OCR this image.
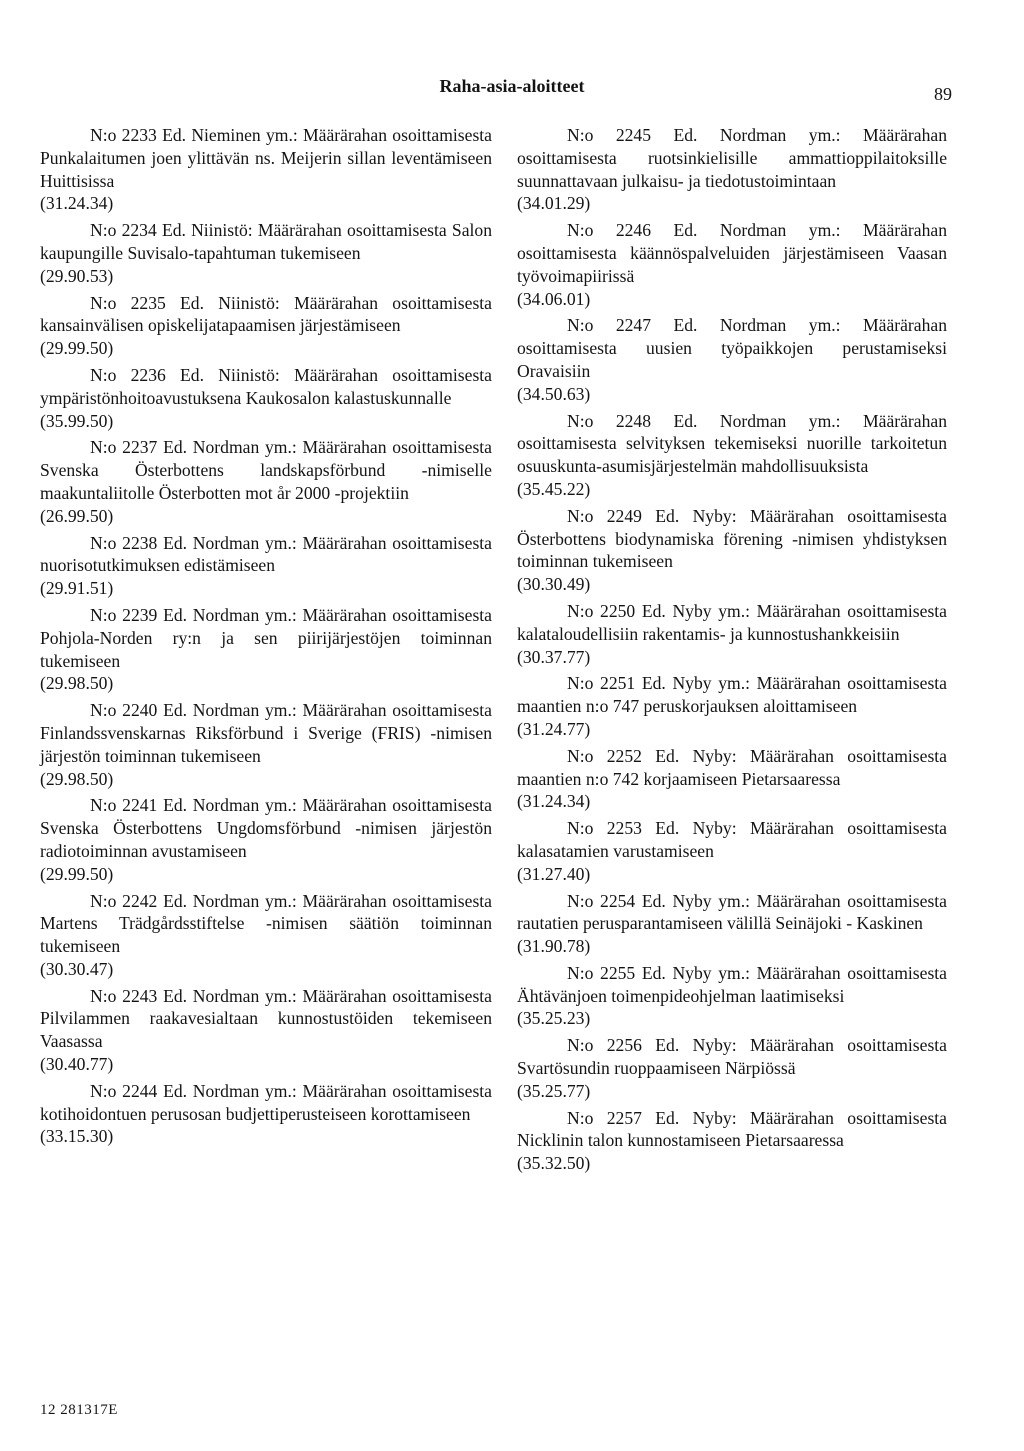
Raha-asia-aloitteet	89
N:o 2233 Ed. Nieminen ym.: Määrärahan osoittamisesta Punkalaitumen joen ylittävän ns. Meijerin sillan leventämiseen Huittisissa
(31.24.34)
N:o 2234 Ed. Niinistö: Määrärahan osoittamisesta Salon kaupungille Suvisalo-tapahtuman tukemiseen
(29.90.53)
N:o 2235 Ed. Niinistö: Määrärahan osoittamisesta kansainvälisen opiskelijatapaamisen järjestämiseen
(29.99.50)
N:o 2236 Ed. Niinistö: Määrärahan osoittamisesta ympäristönhoitoavustuksena Kaukosalon kalastuskunnalle
(35.99.50)
N:o 2237 Ed. Nordman ym.: Määrärahan osoittamisesta Svenska Österbottens landskapsförbund -nimiselle maakuntaliitolle Österbotten mot år 2000 -projektiin
(26.99.50)
N:o 2238 Ed. Nordman ym.: Määrärahan osoittamisesta nuorisotutkimuksen edistämiseen
(29.91.51)
N:o 2239 Ed. Nordman ym.: Määrärahan osoittamisesta Pohjola-Norden ry:n ja sen piirijärjestöjen toiminnan tukemiseen
(29.98.50)
N:o 2240 Ed. Nordman ym.: Määrärahan osoittamisesta Finlandssvenskarnas Riksförbund i Sverige (FRIS) -nimisen järjestön toiminnan tukemiseen
(29.98.50)
N:o 2241 Ed. Nordman ym.: Määrärahan osoittamisesta Svenska Österbottens Ungdomsförbund -nimisen järjestön radiotoiminnan avustamiseen
(29.99.50)
N:o 2242 Ed. Nordman ym.: Määrärahan osoittamisesta Martens Trädgårdsstiftelse -nimisen säätiön toiminnan tukemiseen
(30.30.47)
N:o 2243 Ed. Nordman ym.: Määrärahan osoittamisesta Pilvilammen raakavesialtaan kunnostustöiden tekemiseen Vaasassa
(30.40.77)
N:o 2244 Ed. Nordman ym.: Määrärahan osoittamisesta kotihoidontuen perusosan budjettiperusteiseen korottamiseen
(33.15.30)
N:o 2245 Ed. Nordman ym.: Määrärahan osoittamisesta ruotsinkielisille ammattioppilaitoksille suunnattavaan julkaisu- ja tiedotustoimintaan
(34.01.29)
N:o 2246 Ed. Nordman ym.: Määrärahan osoittamisesta käännöspalveluiden järjestämiseen Vaasan työvoimapiirissä
(34.06.01)
N:o 2247 Ed. Nordman ym.: Määrärahan osoittamisesta uusien työpaikkojen perustamiseksi Oravaisiin
(34.50.63)
N:o 2248 Ed. Nordman ym.: Määrärahan osoittamisesta selvityksen tekemiseksi nuorille tarkoitetun osuuskunta-asumisjärjestelmän mahdollisuuksista
(35.45.22)
N:o 2249 Ed. Nyby: Määrärahan osoittamisesta Österbottens biodynamiska förening -nimisen yhdistyksen toiminnan tukemiseen
(30.30.49)
N:o 2250 Ed. Nyby ym.: Määrärahan osoittamisesta kalataloudellisiin rakentamis- ja kunnostushankkeisiin
(30.37.77)
N:o 2251 Ed. Nyby ym.: Määrärahan osoittamisesta maantien n:o 747 peruskorjauksen aloittamiseen
(31.24.77)
N:o 2252 Ed. Nyby: Määrärahan osoittamisesta maantien n:o 742 korjaamiseen Pietarsaaressa
(31.24.34)
N:o 2253 Ed. Nyby: Määrärahan osoittamisesta kalasatamien varustamiseen
(31.27.40)
N:o 2254 Ed. Nyby ym.: Määrärahan osoittamisesta rautatien perusparantamiseen välillä Seinäjoki - Kaskinen
(31.90.78)
N:o 2255 Ed. Nyby ym.: Määrärahan osoittamisesta Ähtävänjoen toimenpideohjelman laatimiseksi
(35.25.23)
N:o 2256 Ed. Nyby: Määrärahan osoittamisesta Svartösundin ruoppaamiseen Närpiössä
(35.25.77)
N:o 2257 Ed. Nyby: Määrärahan osoittamisesta Nicklinin talon kunnostamiseen Pietarsaaressa
(35.32.50)
12 281317E
